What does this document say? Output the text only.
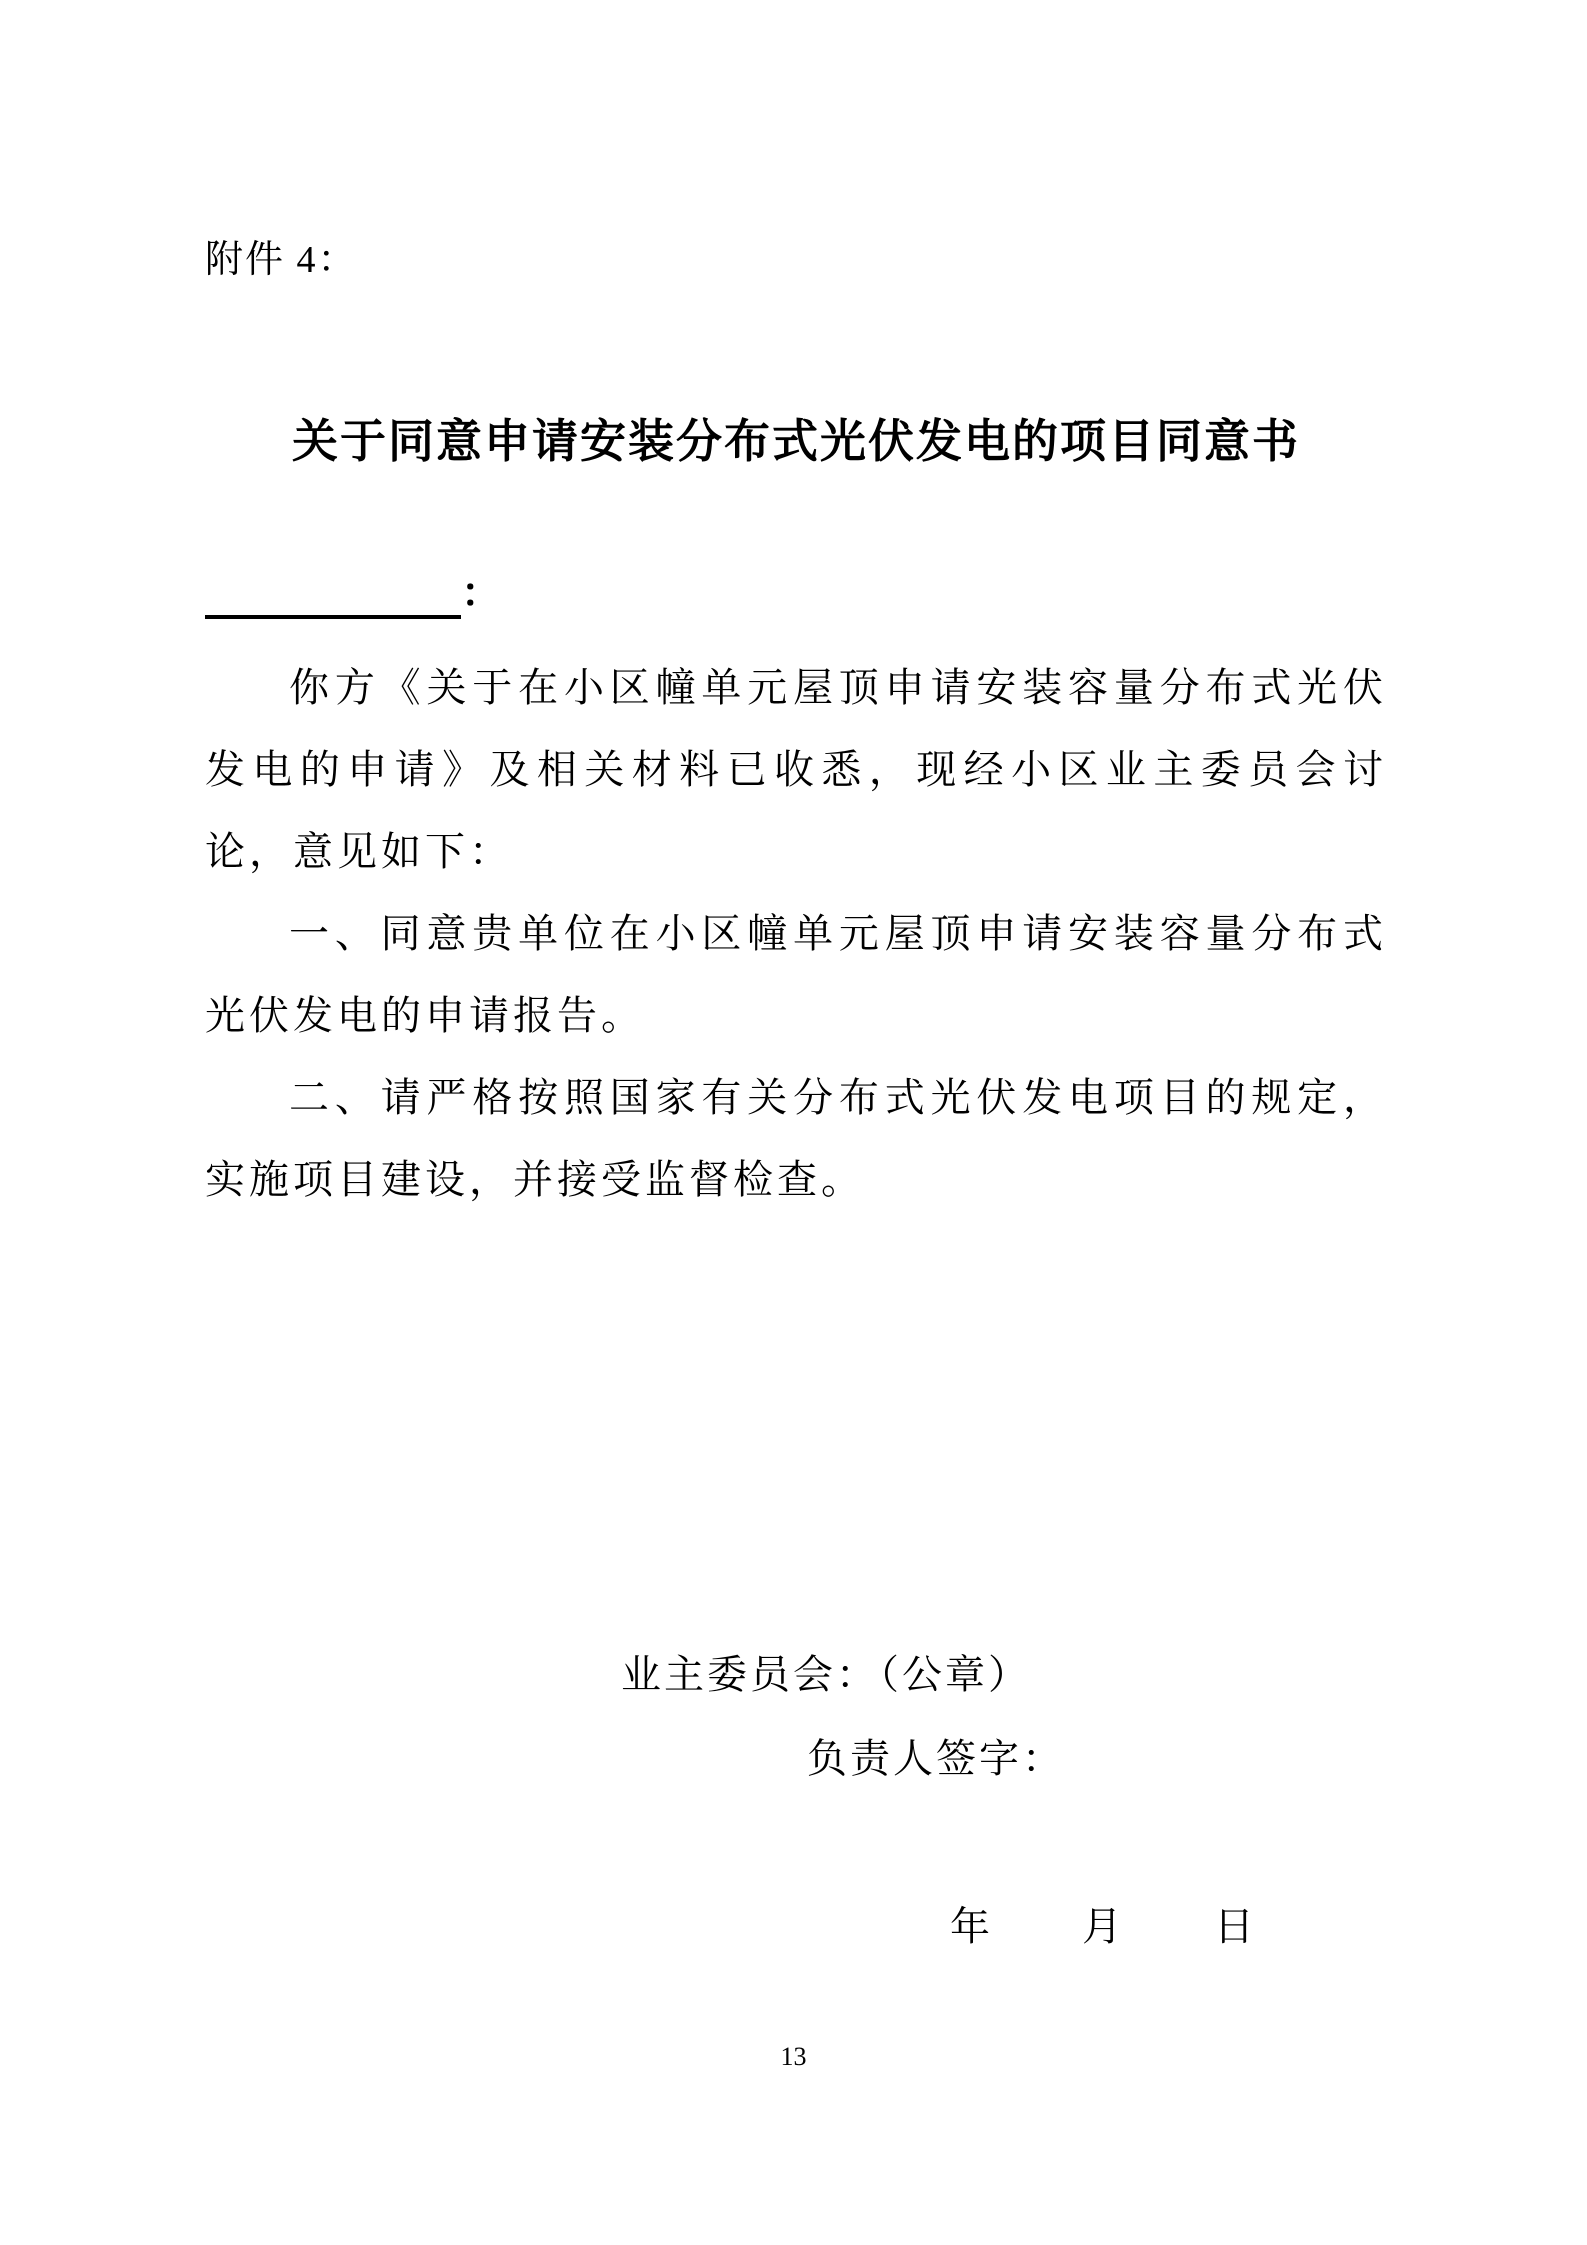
附件 4：
关于同意申请安装分布式光伏发电的项目同意书
：

你方《关于在小区幢单元屋顶申请安装容量分布式光伏发电的申请》及相关材料已收悉，现经小区业主委员会讨论，意见如下：

一、同意贵单位在小区幢单元屋顶申请安装容量分布式光伏发电的申请报告。

二、请严格按照国家有关分布式光伏发电项目的规定，实施项目建设，并接受监督检查。

业主委员会：（公章）
负责人签字：
年　　月　　日
13
